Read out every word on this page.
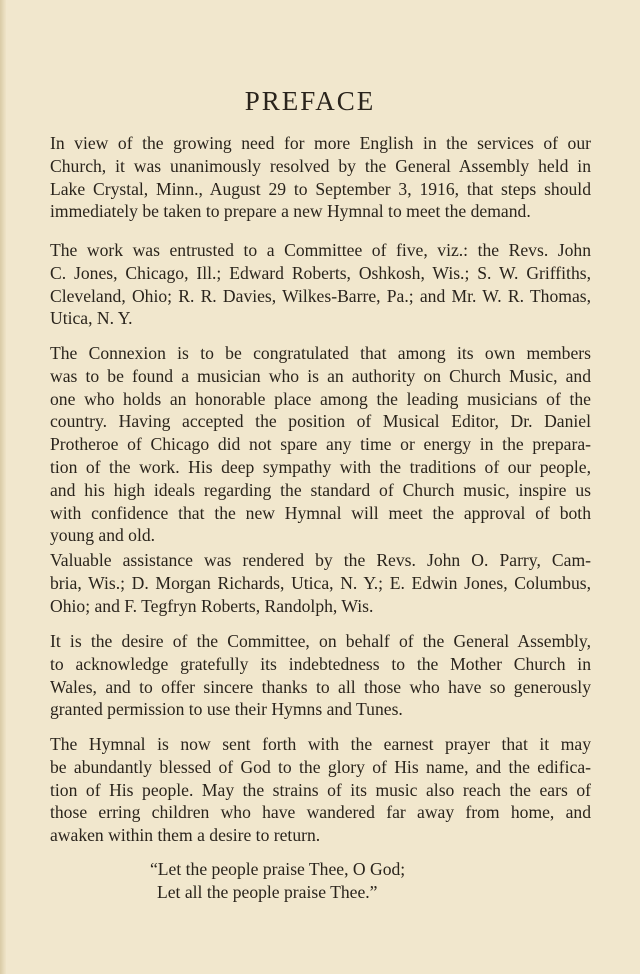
PREFACE

In view of the growing need for more English in the services of our
Church, it was unanimously resolved by the General Assembly held in
Lake Crystal, Minn., August 29 to September 3, 1916, that steps should
immediately be taken to prepare a new Hymnal to meet the demand.

The work was entrusted to a Committee of five, viz.: the Revs. John
C. Jones, Chicago, Ill.; Edward Roberts, Oshkosh, Wis.; S. W. Griffiths,
Cleveland, Ohio; R. R. Davies, Wilkes-Barre, Pa.; and Mr. W. R. Thomas,
Utica, N. Y.

The Connexion is to be congratulated that among its own members
was to be found a musician who is an authority on Church Music, and
one who holds an honorable place among the leading musicians of the
country. Having accepted the position of Musical Editor, Dr. Daniel
Protheroe of Chicago did not spare any time or energy in the prepara-
tion of the work. His deep sympathy with the traditions of our people,
and his high ideals regarding the standard of Church music, inspire us
with confidence that the new Hymnal will meet the approval of both
young and old.

Valuable assistance was rendered by the Revs. John O. Parry, Cam-
bria, Wis.; D. Morgan Richards, Utica, N. Y.; E. Edwin Jones, Columbus,
Ohio; and F. Tegfryn Roberts, Randolph, Wis.

It is the desire of the Committee, on behalf of the General Assembly,
to acknowledge gratefully its indebtedness to the Mother Church in
Wales, and to offer sincere thanks to all those who have so generously
granted permission to use their Hymns and Tunes.

The Hymnal is now sent forth with the earnest prayer that it may
be abundantly blessed of God to the glory of His name, and the edifica-
tion of His people. May the strains of its music also reach the ears of
those erring children who have wandered far away from home, and
awaken within them a desire to return.

“Let the people praise Thee, O God;
Let all the people praise Thee.”
